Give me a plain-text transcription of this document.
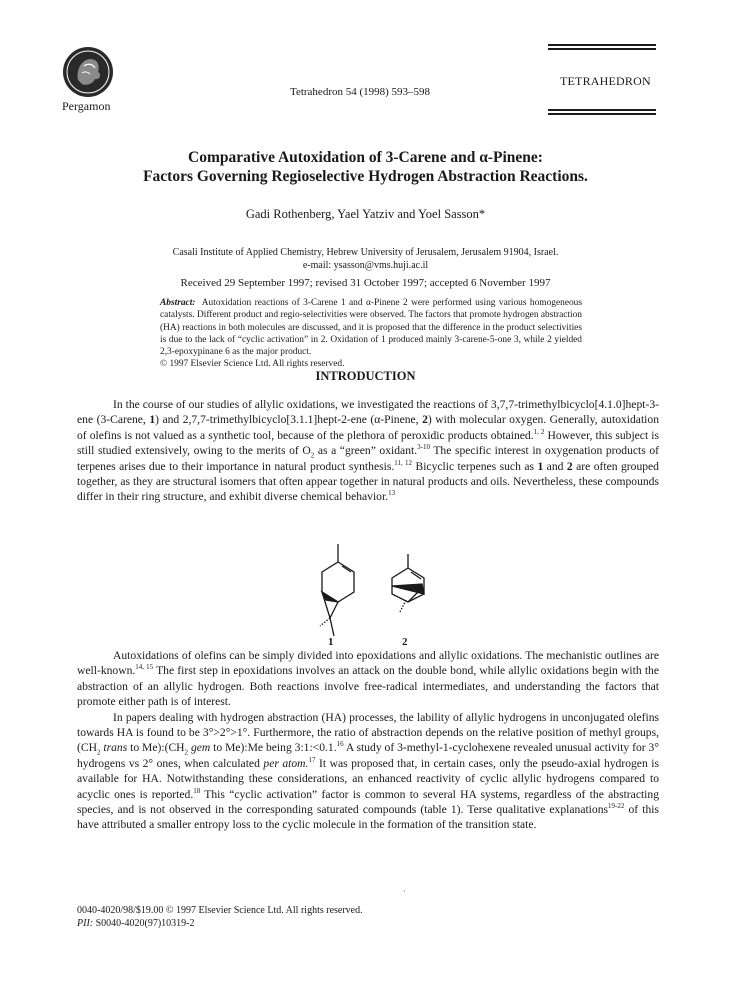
Pergamon
Tetrahedron 54 (1998) 593–598
TETRAHEDRON
Comparative Autoxidation of 3-Carene and α-Pinene:
Factors Governing Regioselective Hydrogen Abstraction Reactions.
Gadi Rothenberg, Yael Yatziv and Yoel Sasson*
Casali Institute of Applied Chemistry, Hebrew University of Jerusalem, Jerusalem 91904, Israel.
e-mail: ysasson@vms.huji.ac.il
Received 29 September 1997; revised 31 October 1997; accepted 6 November 1997
Abstract: Autoxidation reactions of 3-Carene 1 and α-Pinene 2 were performed using various homogeneous catalysts. Different product and regio-selectivities were observed. The factors that promote hydrogen abstraction (HA) reactions in both molecules are discussed, and it is proposed that the difference in the product selectivities is due to the lack of “cyclic activation” in 2. Oxidation of 1 produced mainly 3-carene-5-one 3, while 2 yielded 2,3-epoxypinane 6 as the major product.
© 1997 Elsevier Science Ltd. All rights reserved.
INTRODUCTION

In the course of our studies of allylic oxidations, we investigated the reactions of 3,7,7-trimethylbicyclo[4.1.0]hept-3-ene (3-Carene, 1) and 2,7,7-trimethylbicyclo[3.1.1]hept-2-ene (α-Pinene, 2) with molecular oxygen. Generally, autoxidation of olefins is not valued as a synthetic tool, because of the plethora of peroxidic products obtained.$^{1, 2}$ However, this subject is still studied extensively, owing to the merits of $O_2$ as a “green” oxidant.$^{3-10}$ The specific interest in oxygenation products of terpenes arises due to their importance in natural product synthesis.$^{11, 12}$ Bicyclic terpenes such as 1 and 2 are often grouped together, as they are structural isomers that often appear together in natural products and oils. Nevertheless, these compounds differ in their ring structure, and exhibit diverse chemical behavior.$^{13}$

1	2

Autoxidations of olefins can be simply divided into epoxidations and allylic oxidations. The mechanistic outlines are well-known.$^{14, 15}$ The first step in epoxidations involves an attack on the double bond, while allylic oxidations begin with the abstraction of an allylic hydrogen. Both reactions involve free-radical intermediates, and understanding the factors that promote either path is of interest.

In papers dealing with hydrogen abstraction (HA) processes, the lability of allylic hydrogens in unconjugated olefins towards HA is found to be 3°>2°>1°. Furthermore, the ratio of abstraction depends on the relative position of methyl groups, ($CH_2$ trans to $Me):(CH_2$ gem to Me):Me being 3:1:<0.1.16 A study of 3-methyl-1-cyclohexene revealed unusual activity for 3° hydrogens vs 2° ones, when calculated per atom.$^{17}$ It was proposed that, in certain cases, only the pseudo-axial hydrogen is available for HA. Notwithstanding these considerations, an enhanced reactivity of cyclic allylic hydrogens compared to acyclic ones is reported.$^{18}$ This “cyclic activation” factor is common to several HA systems, regardless of the abstracting species, and is not observed in the corresponding saturated compounds (table 1). Terse qualitative explanations$^{19-22}$ of this have attributed a smaller entropy loss to the cyclic molecule in the formation of the transition state.

·
0040-4020/98/$19.00 © 1997 Elsevier Science Ltd. All rights reserved.
PII: S0040-4020(97)10319-2
